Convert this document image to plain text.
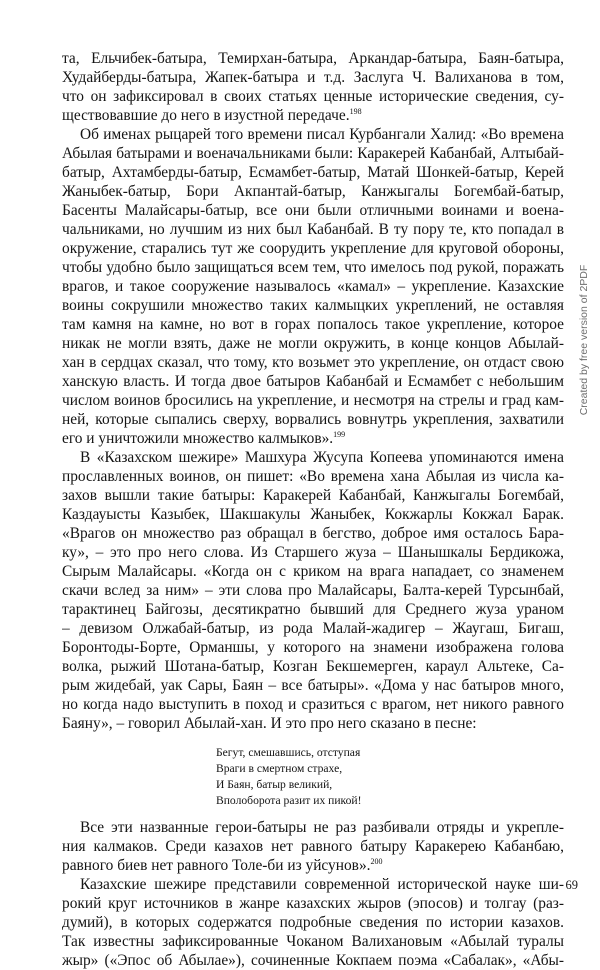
та, Ельчибек-батыра, Темирхан-батыра, Аркандар-батыра, Баян-батыра,
Худайберды-батыра, Жапек-батыра и т.д. Заслуга Ч. Валиханова в том,
что он зафиксировал в своих статьях ценные исторические сведения, су-
ществовавшие до него в изустной передаче.$^{198}$
Об именах рыцарей того времени писал Курбангали Халид: «Во времена
Абылая батырами и военачальниками были: Каракерей Кабанбай, Алтыбай-
батыр, Ахтамберды-батыр, Есмамбет-батыр, Матай Шонкей-батыр, Керей
Жаныбек-батыр, Бори Акпантай-батыр, Канжыгалы Богембай-батыр,
Басенты Малайсары-батыр, все они были отличными воинами и воена-
чальниками, но лучшим из них был Кабанбай. В ту пору те, кто попадал в
окружение, старались тут же соорудить укрепление для круговой обороны,
чтобы удобно было защищаться всем тем, что имелось под рукой, поражать
врагов, и такое сооружение называлось «камал» – укрепление. Казахские
воины сокрушили множество таких калмыцких укреплений, не оставляя
там камня на камне, но вот в горах попалось такое укрепление, которое
никак не могли взять, даже не могли окружить, в конце концов Абылай-
хан в сердцах сказал, что тому, кто возьмет это укрепление, он отдаст свою
ханскую власть. И тогда двое батыров Кабанбай и Есмамбет с небольшим
числом воинов бросились на укрепление, и несмотря на стрелы и град кам-
ней, которые сыпались сверху, ворвались вовнутрь укрепления, захватили
его и уничтожили множество калмыков».$^{199}$
В «Казахском шежире» Машхура Жусупа Копеева упоминаются имена
прославленных воинов, он пишет: «Во времена хана Абылая из числа ка-
захов вышли такие батыры: Каракерей Кабанбай, Канжыгалы Богембай,
Каздауысты Казыбек, Шакшакулы Жаныбек, Кокжарлы Кокжал Барак.
«Врагов он множество раз обращал в бегство, доброе имя осталось Бара-
ку», – это про него слова. Из Старшего жуза – Шанышкалы Бердикожа,
Сырым Малайсары. «Когда он с криком на врага нападает, со знаменем
скачи вслед за ним» – эти слова про Малайсары, Балта-керей Турсынбай,
тарактинец Байгозы, десятикратно бывший для Среднего жуза ураном
– девизом Олжабай-батыр, из рода Малай-жадигер – Жаугаш, Бигаш,
Боронтоды-Борте, Орманшы, у которого на знамени изображена голова
волка, рыжий Шотана-батыр, Козган Бекшемерген, караул Альтеке, Са-
рым жидебай, уак Сары, Баян – все батыры». «Дома у нас батыров много,
но когда надо выступить в поход и сразиться с врагом, нет никого равного
Баяну», – говорил Абылай-хан. И это про него сказано в песне:
Бегут, смешавшись, отступая
Враги в смертном страхе,
И Баян, батыр великий,
Вполоборота разит их пикой!
Все эти названные герои-батыры не раз разбивали отряды и укрепле-
ния калмаков. Среди казахов нет равного батыру Каракерею Кабанбаю,
равного биев нет равного Толе-би из уйсунов».$^{200}$
Казахские шежире представили современной исторической науке ши-
рокий круг источников в жанре казахских жыров (эпосов) и толгау (раз-
думий), в которых содержатся подробные сведения по истории казахов.
Так известны зафиксированные Чоканом Валихановым «Абылай туралы
жыр» («Эпос об Абылае»), сочиненные Кокпаем поэма «Сабалак», «Абы-
Created by free version of 2PDF
69
